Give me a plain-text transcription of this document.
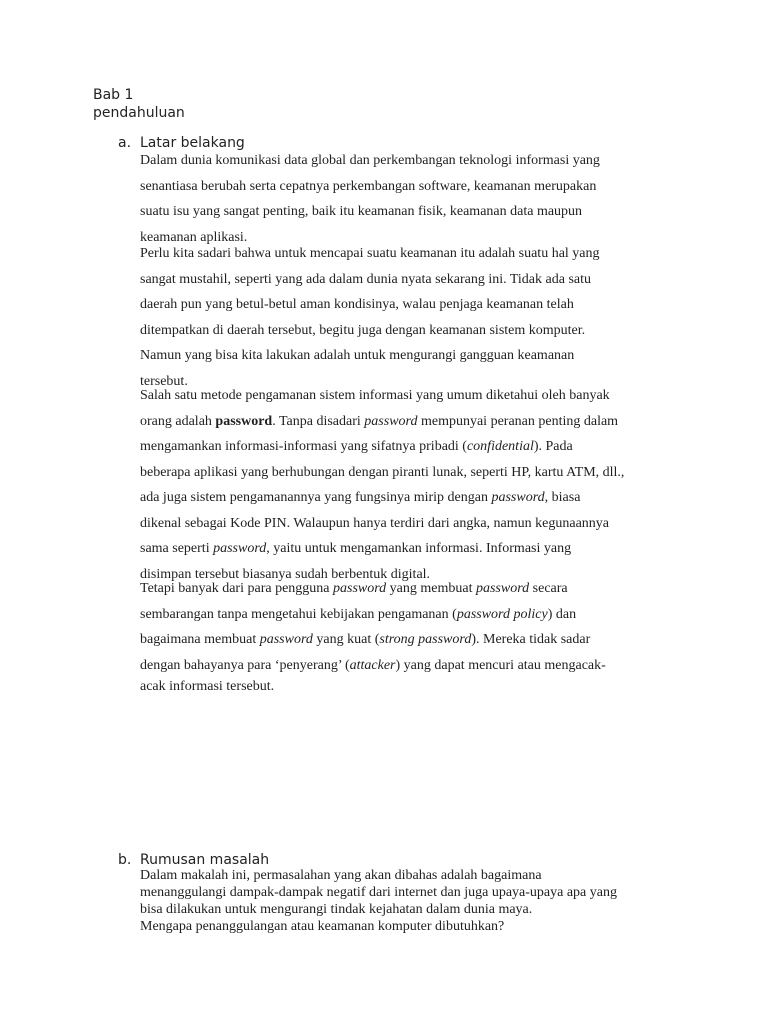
Bab 1
pendahuluan
a. Latar belakang
Dalam dunia komunikasi data global dan perkembangan teknologi informasi yang
senantiasa berubah serta cepatnya perkembangan software, keamanan merupakan
suatu isu yang sangat penting, baik itu keamanan fisik, keamanan data maupun
keamanan aplikasi.
Perlu kita sadari bahwa untuk mencapai suatu keamanan itu adalah suatu hal yang
sangat mustahil, seperti yang ada dalam dunia nyata sekarang ini. Tidak ada satu
daerah pun yang betul-betul aman kondisinya, walau penjaga keamanan telah
ditempatkan di daerah tersebut, begitu juga dengan keamanan sistem komputer.
Namun yang bisa kita lakukan adalah untuk mengurangi gangguan keamanan
tersebut.
Salah satu metode pengamanan sistem informasi yang umum diketahui oleh banyak
orang adalah password. Tanpa disadari password mempunyai peranan penting dalam
mengamankan informasi-informasi yang sifatnya pribadi (confidential). Pada
beberapa aplikasi yang berhubungan dengan piranti lunak, seperti HP, kartu ATM, dll.,
ada juga sistem pengamanannya yang fungsinya mirip dengan password, biasa
dikenal sebagai Kode PIN. Walaupun hanya terdiri dari angka, namun kegunaannya
sama seperti password, yaitu untuk mengamankan informasi. Informasi yang
disimpan tersebut biasanya sudah berbentuk digital.
Tetapi banyak dari para pengguna password yang membuat password secara
sembarangan tanpa mengetahui kebijakan pengamanan (password policy) dan
bagaimana membuat password yang kuat (strong password). Mereka tidak sadar
dengan bahayanya para ‘penyerang’ (attacker) yang dapat mencuri atau mengacak-
acak informasi tersebut.
b. Rumusan masalah
Dalam makalah ini, permasalahan yang akan dibahas adalah bagaimana
menanggulangi dampak-dampak negatif dari internet dan juga upaya-upaya apa yang
bisa dilakukan untuk mengurangi tindak kejahatan dalam dunia maya.
Mengapa penanggulangan atau keamanan komputer dibutuhkan?
